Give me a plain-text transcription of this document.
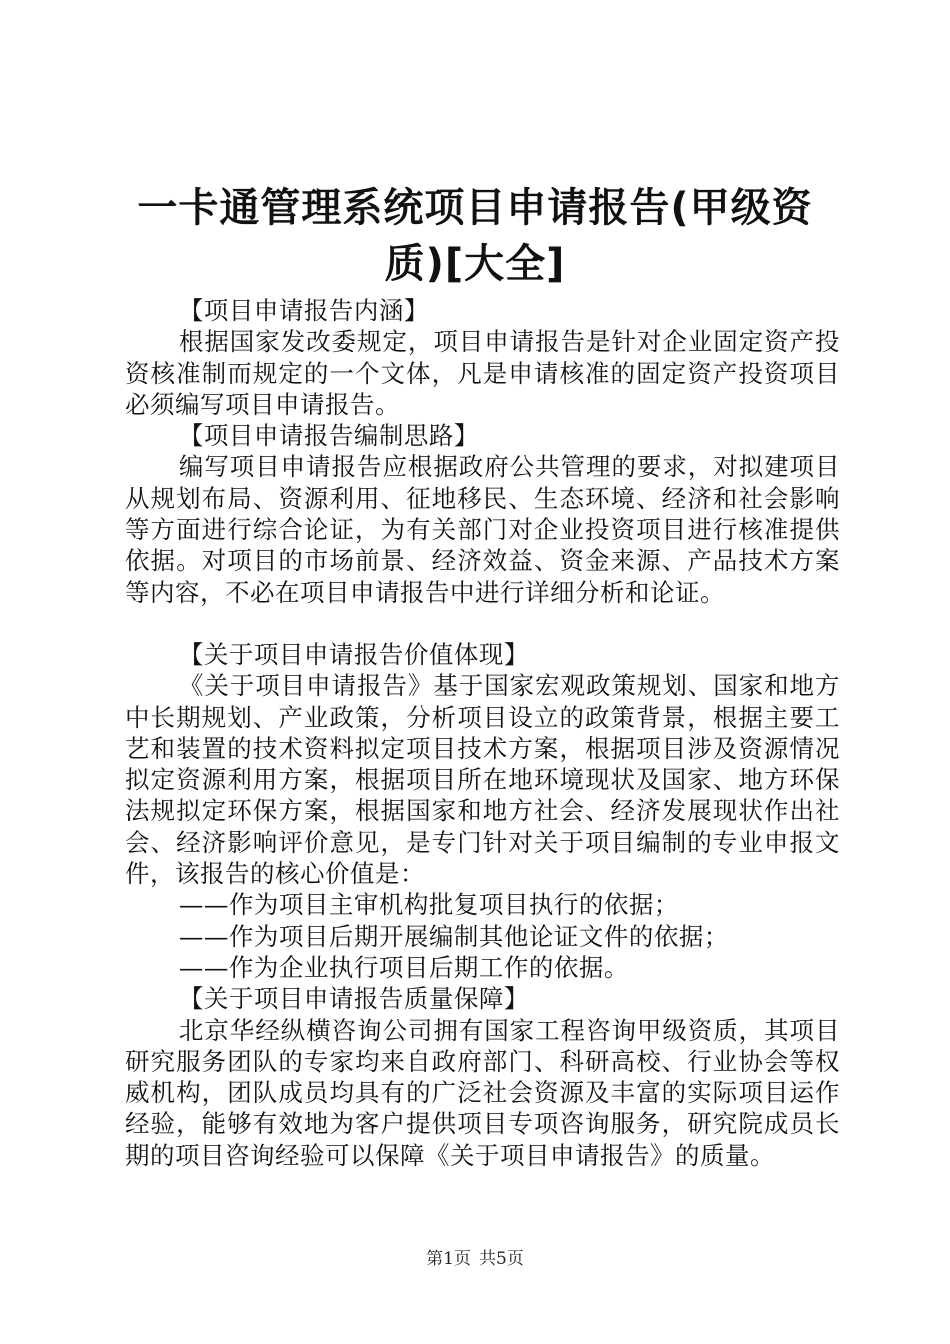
一卡通管理系统项目申请报告(甲级资质)[大全]

【项目申请报告内涵】

根据国家发改委规定，项目申请报告是针对企业固定资产投资核准制而规定的一个文体，凡是申请核准的固定资产投资项目必须编写项目申请报告。

【项目申请报告编制思路】

编写项目申请报告应根据政府公共管理的要求，对拟建项目从规划布局、资源利用、征地移民、生态环境、经济和社会影响等方面进行综合论证，为有关部门对企业投资项目进行核准提供依据。对项目的市场前景、经济效益、资金来源、产品技术方案等内容，不必在项目申请报告中进行详细分析和论证。

【关于项目申请报告价值体现】

《关于项目申请报告》基于国家宏观政策规划、国家和地方中长期规划、产业政策，分析项目设立的政策背景，根据主要工艺和装置的技术资料拟定项目技术方案，根据项目涉及资源情况拟定资源利用方案，根据项目所在地环境现状及国家、地方环保法规拟定环保方案，根据国家和地方社会、经济发展现状作出社会、经济影响评价意见，是专门针对关于项目编制的专业申报文件，该报告的核心价值是：

——作为项目主审机构批复项目执行的依据；

——作为项目后期开展编制其他论证文件的依据；

——作为企业执行项目后期工作的依据。

【关于项目申请报告质量保障】

北京华经纵横咨询公司拥有国家工程咨询甲级资质，其项目研究服务团队的专家均来自政府部门、科研高校、行业协会等权威机构，团队成员均具有的广泛社会资源及丰富的实际项目运作经验，能够有效地为客户提供项目专项咨询服务，研究院成员长期的项目咨询经验可以保障《关于项目申请报告》的质量。

第1页 共5页
